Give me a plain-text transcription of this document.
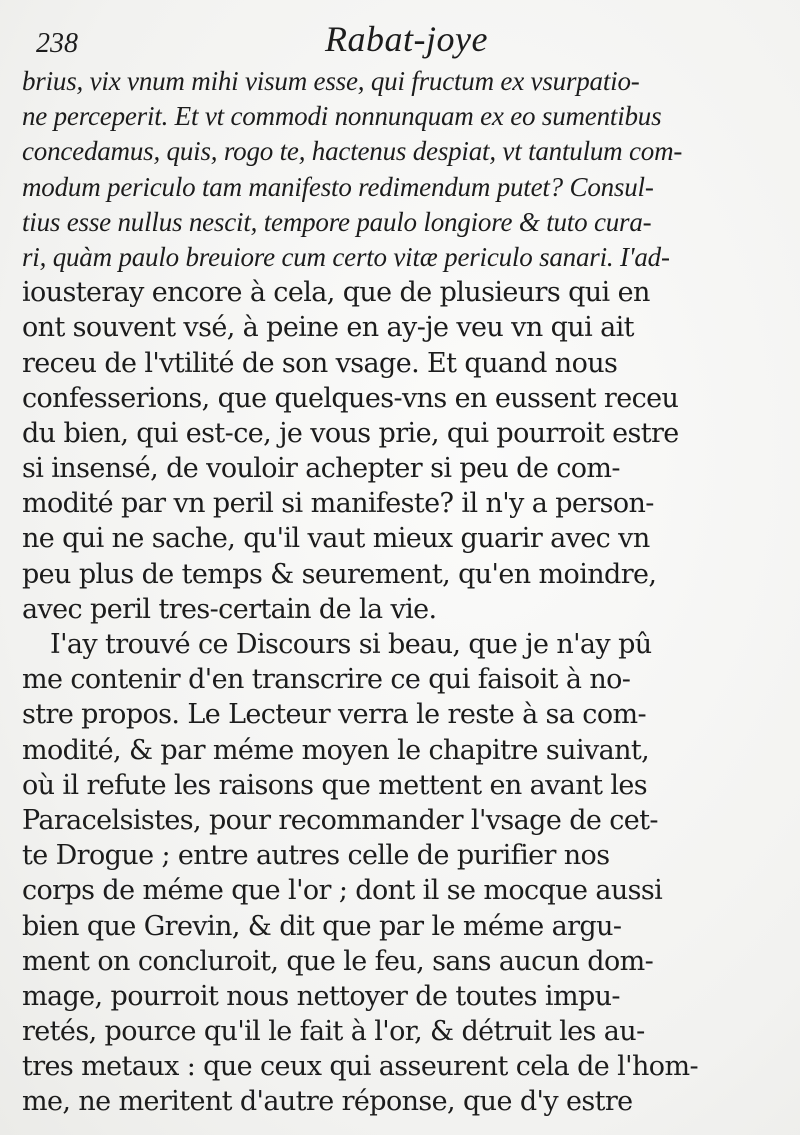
238	Rabat-joye
brius, vix vnum mihi visum esse, qui fructum ex vsurpatio-
ne perceperit. Et vt commodi nonnunquam ex eo sumentibus
concedamus, quis, rogo te, hactenus despiat, vt tantulum com-
modum periculo tam manifesto redimendum putet? Consul-
tius esse nullus nescit, tempore paulo longiore & tuto cura-
ri, quàm paulo breuiore cum certo vitæ periculo sanari. I'ad-
iousteray encore à cela, que de plusieurs qui en
ont souvent vsé, à peine en ay-je veu vn qui ait
receu de l'vtilité de son vsage. Et quand nous
confesserions, que quelques-vns en eussent receu
du bien, qui est-ce, je vous prie, qui pourroit estre
si insensé, de vouloir achepter si peu de com-
modité par vn peril si manifeste? il n'y a person-
ne qui ne sache, qu'il vaut mieux guarir avec vn
peu plus de temps & seurement, qu'en moindre,
avec peril tres-certain de la vie.
I'ay trouvé ce Discours si beau, que je n'ay pû
me contenir d'en transcrire ce qui faisoit à no-
stre propos. Le Lecteur verra le reste à sa com-
modité, & par méme moyen le chapitre suivant,
où il refute les raisons que mettent en avant les
Paracelsistes, pour recommander l'vsage de cet-
te Drogue ; entre autres celle de purifier nos
corps de méme que l'or ; dont il se mocque aussi
bien que Grevin, & dit que par le méme argu-
ment on concluroit, que le feu, sans aucun dom-
mage, pourroit nous nettoyer de toutes impu-
retés, pource qu'il le fait à l'or, & détruit les au-
tres metaux : que ceux qui asseurent cela de l'hom-
me, ne meritent d'autre réponse, que d'y estre
